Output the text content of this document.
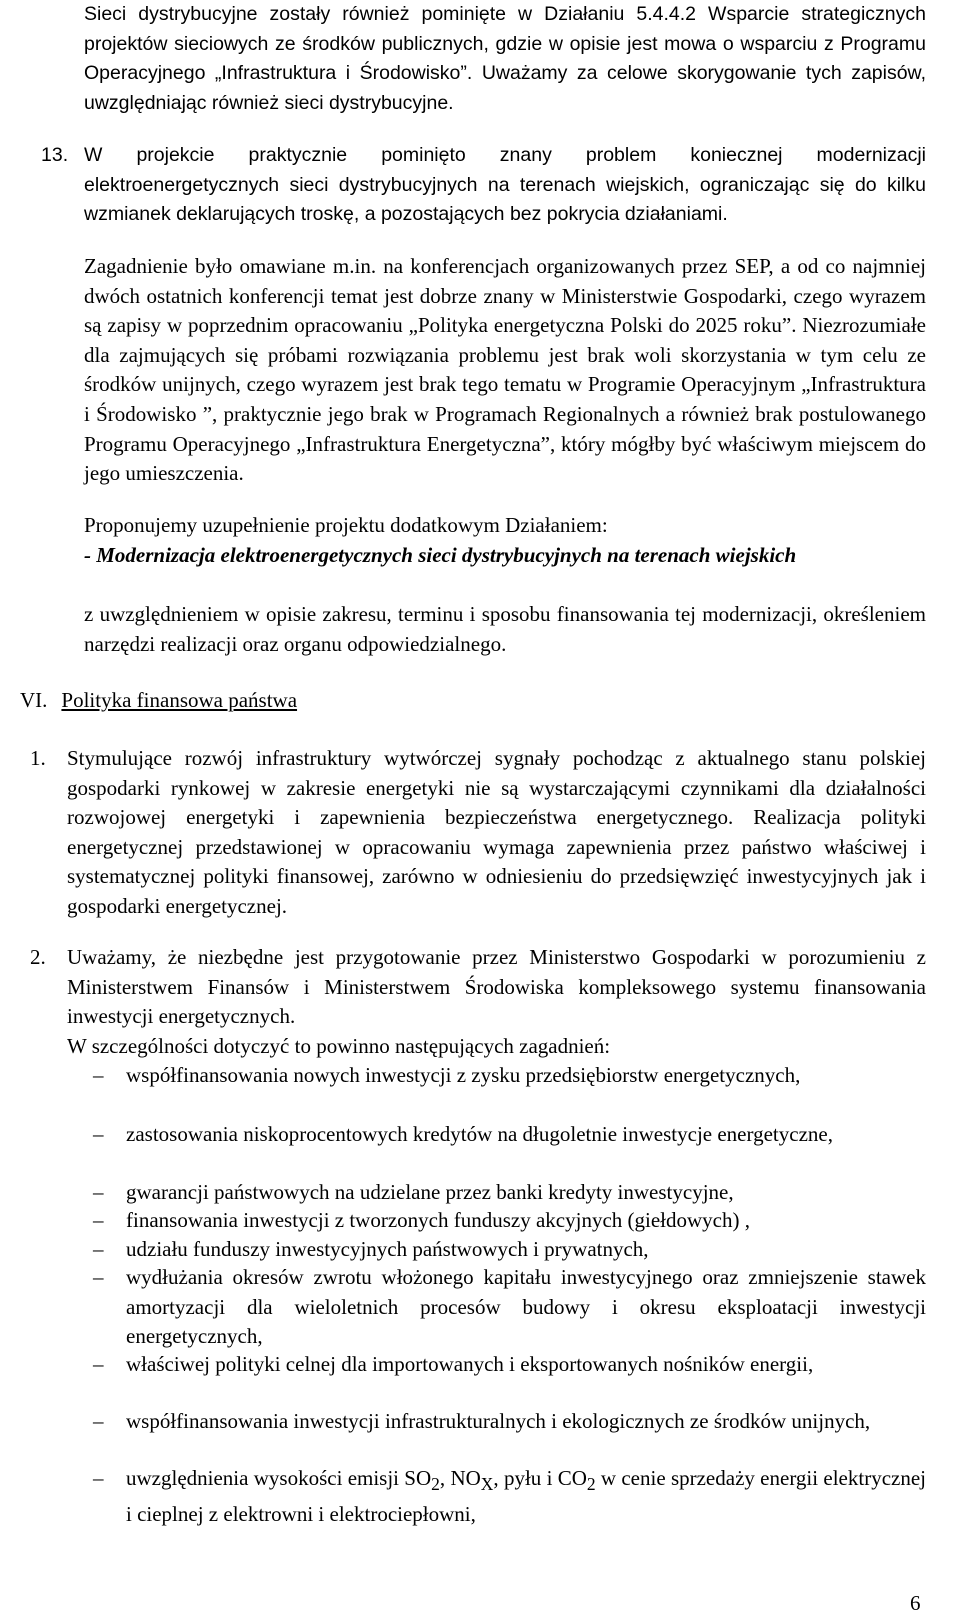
Sieci dystrybucyjne zostały również pominięte w Działaniu 5.4.4.2 Wsparcie strategicznych projektów sieciowych ze środków publicznych, gdzie w opisie jest mowa o wsparciu z Programu Operacyjnego „Infrastruktura i Środowisko”. Uważamy za celowe skorygowanie tych zapisów, uwzględniając również sieci dystrybucyjne.

13. W projekcie praktycznie pominięto znany problem koniecznej modernizacji elektroenergetycznych sieci dystrybucyjnych na terenach wiejskich, ograniczając się do kilku wzmianek deklarujących troskę, a pozostających bez pokrycia działaniami.

Zagadnienie było omawiane m.in. na konferencjach organizowanych przez SEP, a od co najmniej dwóch ostatnich konferencji temat jest dobrze znany w Ministerstwie Gospodarki, czego wyrazem są zapisy w poprzednim opracowaniu „Polityka energetyczna Polski do 2025 roku”. Niezrozumiałe dla zajmujących się próbami rozwiązania problemu jest brak woli skorzystania w tym celu ze środków unijnych, czego wyrazem jest brak tego tematu w Programie Operacyjnym „Infrastruktura i Środowisko ”, praktycznie jego brak w Programach Regionalnych a również brak postulowanego Programu Operacyjnego „Infrastruktura Energetyczna”, który mógłby być właściwym miejscem do jego umieszczenia.

Proponujemy uzupełnienie projektu dodatkowym Działaniem:

- Modernizacja elektroenergetycznych sieci dystrybucyjnych na terenach wiejskich

z uwzględnieniem w opisie zakresu, terminu i sposobu finansowania tej modernizacji, określeniem narzędzi realizacji oraz organu odpowiedzialnego.

VI. Polityka finansowa państwa

1. Stymulujące rozwój infrastruktury wytwórczej sygnały pochodząc z aktualnego stanu polskiej gospodarki rynkowej w zakresie energetyki nie są wystarczającymi czynnikami dla działalności rozwojowej energetyki i zapewnienia bezpieczeństwa energetycznego. Realizacja polityki energetycznej przedstawionej w opracowaniu wymaga zapewnienia przez państwo właściwej i systematycznej polityki finansowej, zarówno w odniesieniu do przedsięwzięć inwestycyjnych jak i gospodarki energetycznej.

2. Uważamy, że niezbędne jest przygotowanie przez Ministerstwo Gospodarki w porozumieniu z Ministerstwem Finansów i Ministerstwem Środowiska kompleksowego systemu finansowania inwestycji energetycznych.

W szczególności dotyczyć to powinno następujących zagadnień:

–	współfinansowania nowych inwestycji z zysku przedsiębiorstw energetycznych,

–	zastosowania niskoprocentowych kredytów na długoletnie inwestycje energetyczne,

–	gwarancji państwowych na udzielane przez banki kredyty inwestycyjne,

–	finansowania inwestycji z tworzonych funduszy akcyjnych (giełdowych) ,

–	udziału funduszy inwestycyjnych państwowych i prywatnych,

–	wydłużania okresów zwrotu włożonego kapitału inwestycyjnego oraz zmniejszenie stawek amortyzacji dla wieloletnich procesów budowy i okresu eksploatacji inwestycji energetycznych,

–	właściwej polityki celnej dla importowanych i eksportowanych nośników energii,

–	współfinansowania inwestycji infrastrukturalnych i ekologicznych ze środków unijnych,

–	uwzględnienia wysokości emisji $SO_2$, $NO_X$, pyłu i $CO_2$ w cenie sprzedaży energii elektrycznej i cieplnej z elektrowni i elektrociepłowni,

6
